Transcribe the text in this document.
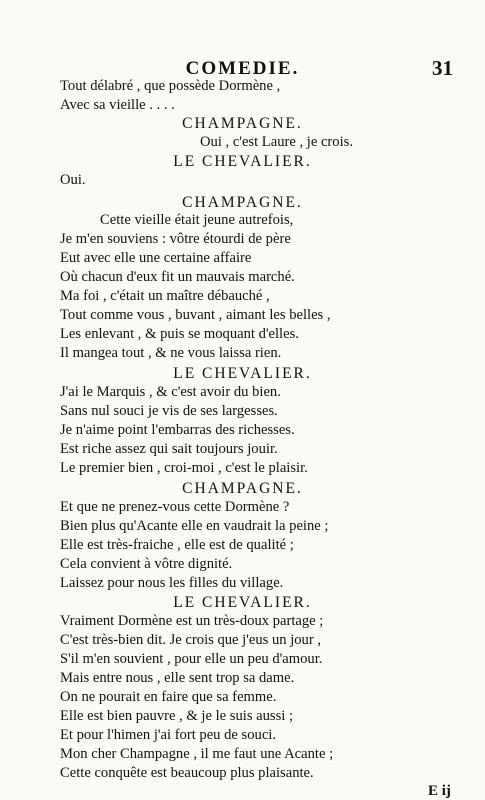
COMEDIE.	31
Tout délabré , que possède Dormène ,
Avec sa vieille . . . .
CHAMPAGNE.
Oui , c'est Laure , je crois.
LE CHEVALIER.
Oui.
CHAMPAGNE.
Cette vieille était jeune autrefois,
Je m'en souviens : vôtre étourdi de père
Eut avec elle une certaine affaire
Où chacun d'eux fit un mauvais marché.
Ma foi , c'était un maître débauché ,
Tout comme vous , buvant , aimant les belles ,
Les enlevant , & puis se moquant d'elles.
Il mangea tout , & ne vous laissa rien.
LE CHEVALIER.
J'ai le Marquis , & c'est avoir du bien.
Sans nul souci je vis de ses largesses.
Je n'aime point l'embarras des richesses.
Est riche assez qui sait toujours jouir.
Le premier bien , croi-moi , c'est le plaisir.
CHAMPAGNE.
Et que ne prenez-vous cette Dormène ?
Bien plus qu'Acante elle en vaudrait la peine ;
Elle est très-fraiche , elle est de qualité ;
Cela convient à vôtre dignité.
Laissez pour nous les filles du village.
LE CHEVALIER.
Vraiment Dormène est un très-doux partage ;
C'est très-bien dit. Je crois que j'eus un jour ,
S'il m'en souvient , pour elle un peu d'amour.
Mais entre nous , elle sent trop sa dame.
On ne pourait en faire que sa femme.
Elle est bien pauvre , & je le suis aussi ;
Et pour l'himen j'ai fort peu de souci.
Mon cher Champagne , il me faut une Acante ;
Cette conquête est beaucoup plus plaisante.
E ij
